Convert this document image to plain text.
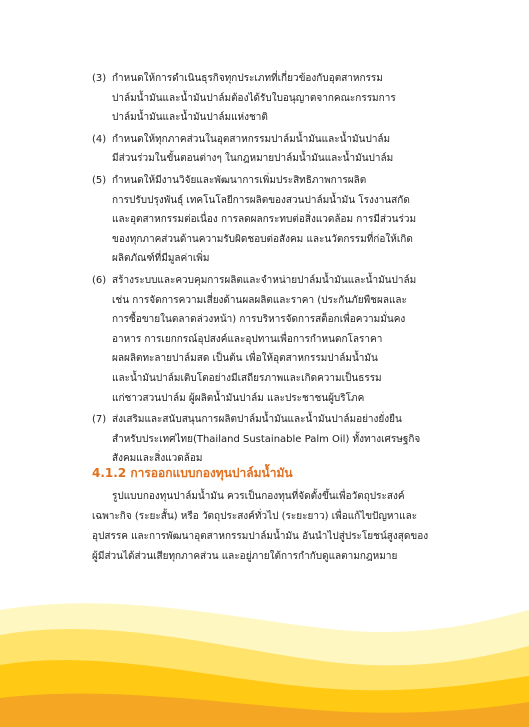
(3) กำหนดให้การดำเนินธุรกิจทุกประเภทที่เกี่ยวข้องกับอุตสาหกรรม
ปาล์มน้ำมันและน้ำมันปาล์มต้องได้รับใบอนุญาตจากคณะกรรมการ
ปาล์มน้ำมันและน้ำมันปาล์มแห่งชาติ
(4) กำหนดให้ทุกภาคส่วนในอุตสาหกรรมปาล์มน้ำมันและน้ำมันปาล์ม
มีส่วนร่วมในขั้นตอนต่างๆ ในกฎหมายปาล์มน้ำมันและน้ำมันปาล์ม
(5) กำหนดให้มีงานวิจัยและพัฒนาการเพิ่มประสิทธิภาพการผลิต
การปรับปรุงพันธุ์ เทคโนโลยีการผลิตของสวนปาล์มน้ำมัน โรงงานสกัด
และอุตสาหกรรมต่อเนื่อง การลดผลกระทบต่อสิ่งแวดล้อม การมีส่วนร่วม
ของทุกภาคส่วนด้านความรับผิดชอบต่อสังคม และนวัตกรรมที่ก่อให้เกิด
ผลิตภัณฑ์ที่มีมูลค่าเพิ่ม
(6) สร้างระบบและควบคุมการผลิตและจำหน่ายปาล์มน้ำมันและน้ำมันปาล์ม
เช่น การจัดการความเสี่ยงด้านผลผลิตและราคา (ประกันภัยพืชผลและ
การซื้อขายในตลาดล่วงหน้า) การบริหารจัดการสต็อกเพื่อความมั่นคง
อาหาร การเยกกรณ์อุปสงค์และอุปทานเพื่อการกำหนดกโลราคา
ผลผลิตทะลายปาล์มสด เป็นต้น เพื่อให้อุตสาหกรรมปาล์มน้ำมัน
และน้ำมันปาล์มเติบโตอย่างมีเสถียรภาพและเกิดความเป็นธรรม
แก่ชาวสวนปาล์ม ผู้ผลิตน้ำมันปาล์ม และประชาชนผู้บริโภค
(7) ส่งเสริมและสนับสนุนการผลิตปาล์มน้ำมันและน้ำมันปาล์มอย่างยั่งยืน
สำหรับประเทศไทย(Thailand Sustainable Palm Oil) ทั้งทางเศรษฐกิจ
สังคมและสิ่งแวดล้อม
4.1.2 การออกแบบกองทุนปาล์มน้ำมัน

รูปแบบกองทุนปาล์มน้ำมัน ควรเป็นกองทุนที่จัดตั้งขึ้นเพื่อวัตถุประสงค์
เฉพาะกิจ (ระยะสั้น) หรือ วัตถุประสงค์ทั่วไป (ระยะยาว) เพื่อแก้ไขปัญหาและ
อุปสรรค และการพัฒนาอุตสาหกรรมปาล์มน้ำมัน อันนำไปสู่ประโยชน์สูงสุดของ
ผู้มีส่วนได้ส่วนเสียทุกภาคส่วน และอยู่ภายใต้การกำกับดูแลตามกฎหมาย
